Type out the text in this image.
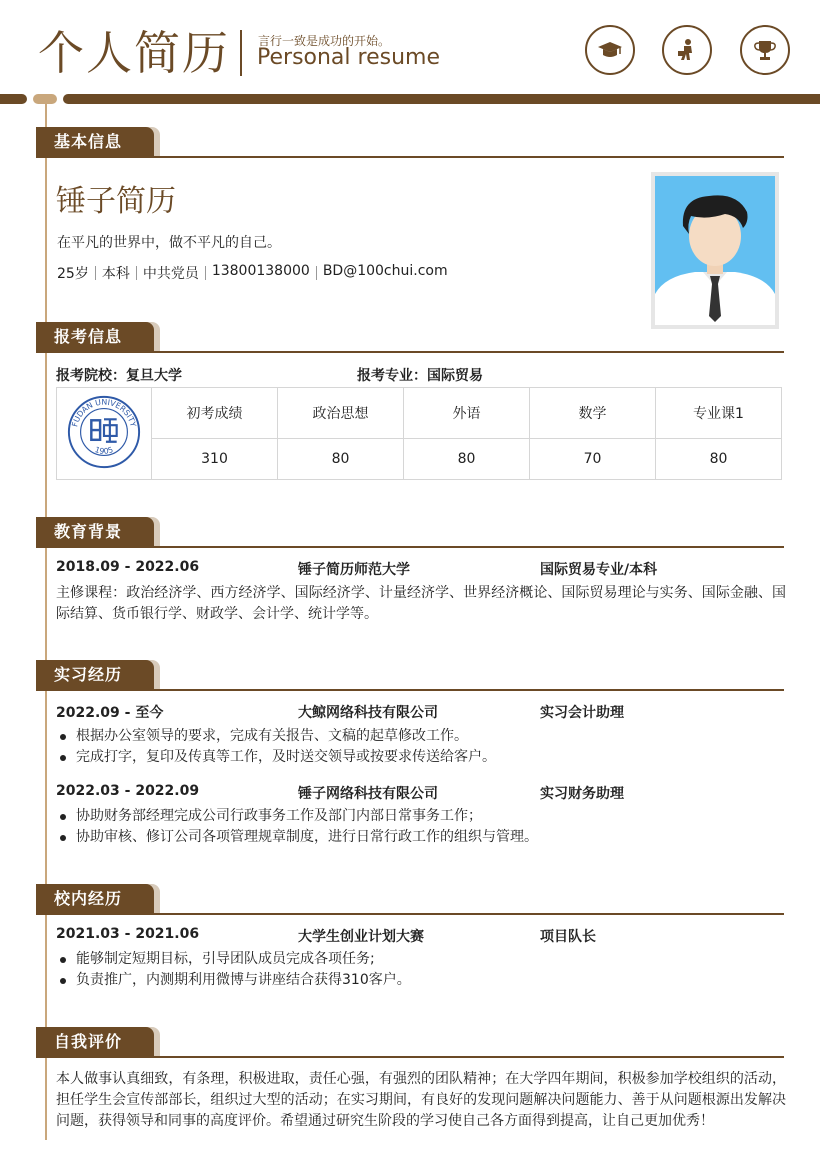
个人简历 言行一致是成功的开始。
Personal resume
基本信息
锤子简历
在平凡的世界中，做不平凡的自己。
25岁 本科 中共党员 13800138000 BD@100chui.com
报考信息
报考院校：复旦大学	报考专业：国际贸易
FUDAN UNIVERSITY
1905	初考成绩	政治思想	外语	数学	专业课1
	310	80	80	70	80
教育背景
2018.09 - 2022.06	锤子简历师范大学	国际贸易专业/本科
主修课程：政治经济学、西方经济学、国际经济学、计量经济学、世界经济概论、国际贸易理论与实务、国际金融、国际结算、货币银行学、财政学、会计学、统计学等。
实习经历
2022.09 - 至今	大鲸网络科技有限公司	实习会计助理
根据办公室领导的要求，完成有关报告、文稿的起草修改工作。
完成打字，复印及传真等工作，及时送交领导或按要求传送给客户。
2022.03 - 2022.09	锤子网络科技有限公司	实习财务助理
协助财务部经理完成公司行政事务工作及部门内部日常事务工作；
协助审核、修订公司各项管理规章制度，进行日常行政工作的组织与管理。
校内经历
2021.03 - 2021.06	大学生创业计划大赛	项目队长
能够制定短期目标，引导团队成员完成各项任务;
负责推广，内测期利用微博与讲座结合获得310客户。
自我评价
本人做事认真细致，有条理，积极进取，责任心强，有强烈的团队精神；在大学四年期间，积极参加学校组织的活动，担任学生会宣传部部长，组织过大型的活动；在实习期间，有良好的发现问题解决问题能力、善于从问题根源出发解决问题，获得领导和同事的高度评价。希望通过研究生阶段的学习使自己各方面得到提高，让自己更加优秀！
